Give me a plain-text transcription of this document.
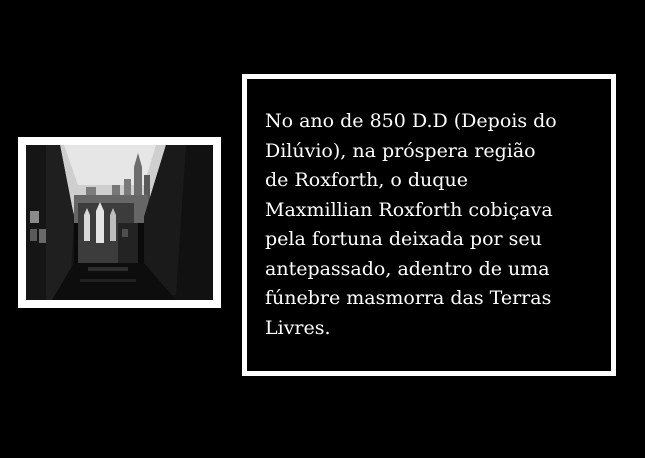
No ano de 850 D.D (Depois do
Dilúvio), na próspera região
de Roxforth, o duque
Maxmillian Roxforth cobiçava
pela fortuna deixada por seu
antepassado, adentro de uma
fúnebre masmorra das Terras
Livres.
